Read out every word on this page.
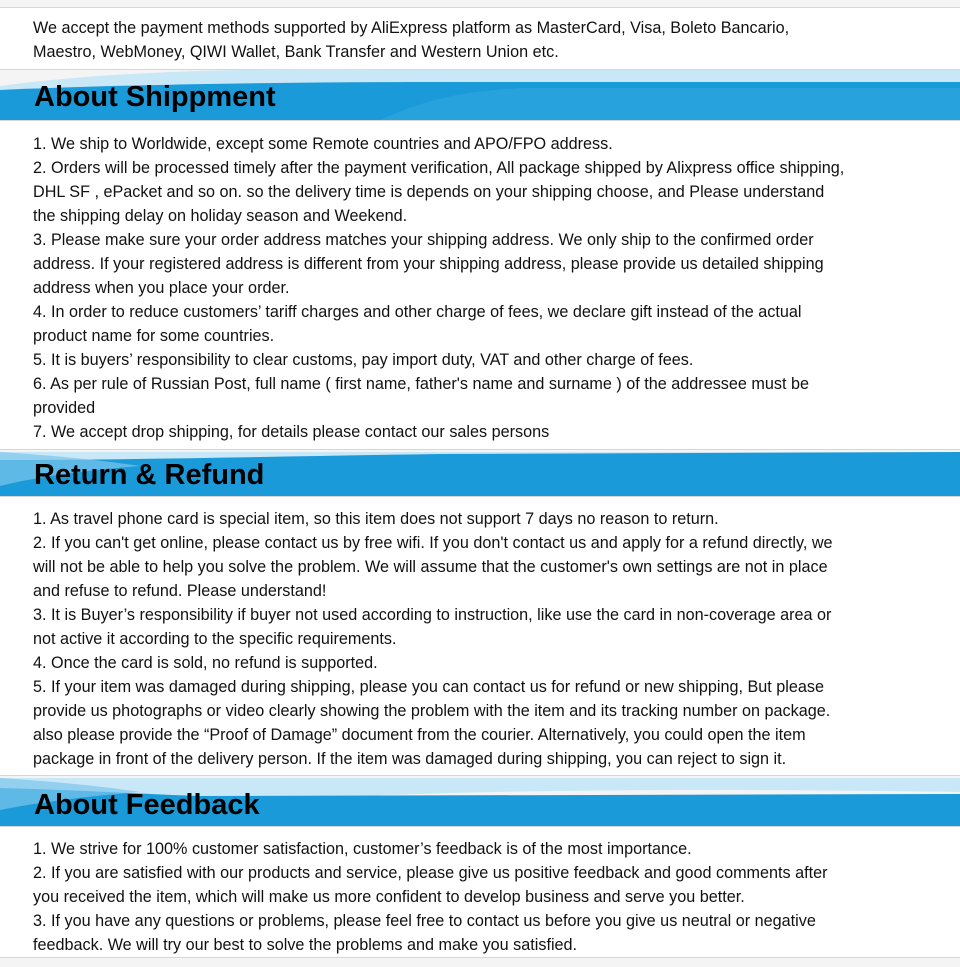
We accept the payment methods supported by AliExpress platform as MasterCard, Visa, Boleto Bancario,

Maestro, WebMoney, QIWI Wallet, Bank Transfer and Western Union etc.

About Shippment

1. We ship to Worldwide, except some Remote countries and APO/FPO address.

2. Orders will be processed timely after the payment verification, All package shipped by Alixpress office shipping,

DHL SF , ePacket and so on. so the delivery time is depends on your shipping choose, and Please understand

the shipping delay on holiday season and Weekend.

3. Please make sure your order address matches your shipping address. We only ship to the confirmed order

address. If your registered address is different from your shipping address, please provide us detailed shipping

address when you place your order.

4. In order to reduce customers’ tariff charges and other charge of fees, we declare gift instead of the actual

product name for some countries.

5. It is buyers’ responsibility to clear customs, pay import duty, VAT and other charge of fees.

6. As per rule of Russian Post, full name ( first name, father's name and surname ) of the addressee must be

provided

7. We accept drop shipping, for details please contact our sales persons

Return & Refund

1. As travel phone card is special item, so this item does not support 7 days no reason to return.

2. If you can't get online, please contact us by free wifi. If you don't contact us and apply for a refund directly, we

will not be able to help you solve the problem. We will assume that the customer's own settings are not in place

and refuse to refund. Please understand!

3. It is Buyer’s responsibility if buyer not used according to instruction, like use the card in non-coverage area or

not active it according to the specific requirements.

4. Once the card is sold, no refund is supported.

5. If your item was damaged during shipping, please you can contact us for refund or new shipping, But please

provide us photographs or video clearly showing the problem with the item and its tracking number on package.

also please provide the “Proof of Damage” document from the courier. Alternatively, you could open the item

package in front of the delivery person. If the item was damaged during shipping, you can reject to sign it.

About Feedback

1. We strive for 100% customer satisfaction, customer’s feedback is of the most importance.

2. If you are satisfied with our products and service, please give us positive feedback and good comments after

you received the item, which will make us more confident to develop business and serve you better.

3. If you have any questions or problems, please feel free to contact us before you give us neutral or negative

feedback. We will try our best to solve the problems and make you satisfied.
